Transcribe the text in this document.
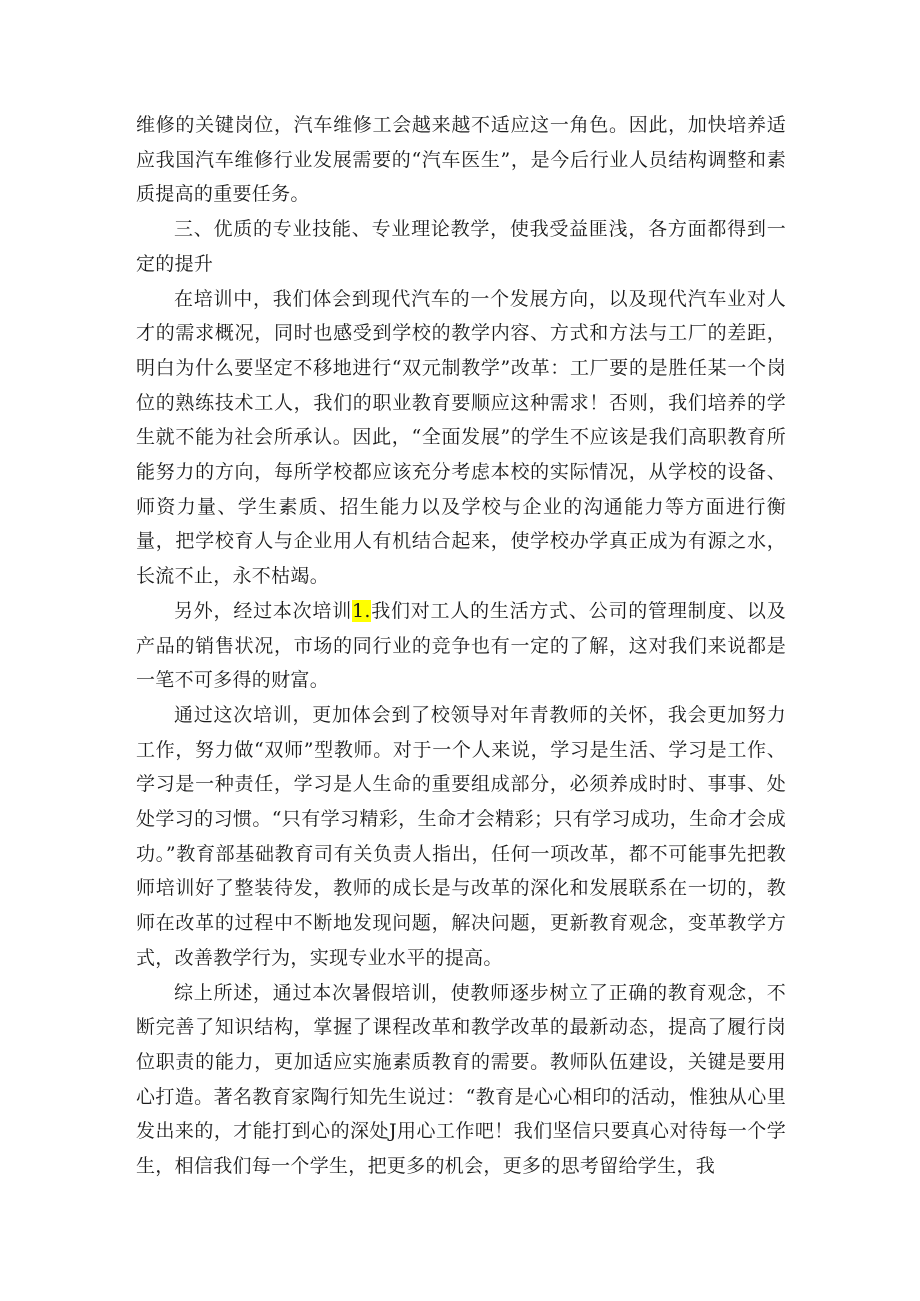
维修的关键岗位，汽车维修工会越来越不适应这一角色。因此，加快培养适应我国汽车维修行业发展需要的“汽车医生”，是今后行业人员结构调整和素质提高的重要任务。

三、优质的专业技能、专业理论教学，使我受益匪浅，各方面都得到一定的提升

在培训中，我们体会到现代汽车的一个发展方向，以及现代汽车业对人才的需求概况，同时也感受到学校的教学内容、方式和方法与工厂的差距，明白为什么要坚定不移地进行“双元制教学”改革：工厂要的是胜任某一个岗位的熟练技术工人，我们的职业教育要顺应这种需求！否则，我们培养的学生就不能为社会所承认。因此，“全面发展”的学生不应该是我们高职教育所能努力的方向，每所学校都应该充分考虑本校的实际情况，从学校的设备、师资力量、学生素质、招生能力以及学校与企业的沟通能力等方面进行衡量，把学校育人与企业用人有机结合起来，使学校办学真正成为有源之水，长流不止，永不枯竭。

另外，经过本次培训1.我们对工人的生活方式、公司的管理制度、以及产品的销售状况，市场的同行业的竞争也有一定的了解，这对我们来说都是一笔不可多得的财富。

通过这次培训，更加体会到了校领导对年青教师的关怀，我会更加努力工作，努力做“双师”型教师。对于一个人来说，学习是生活、学习是工作、学习是一种责任，学习是人生命的重要组成部分，必须养成时时、事事、处处学习的习惯。“只有学习精彩，生命才会精彩；只有学习成功，生命才会成功。”教育部基础教育司有关负责人指出，任何一项改革，都不可能事先把教师培训好了整装待发，教师的成长是与改革的深化和发展联系在一切的，教师在改革的过程中不断地发现问题，解决问题，更新教育观念，变革教学方式，改善教学行为，实现专业水平的提高。

综上所述，通过本次暑假培训，使教师逐步树立了正确的教育观念，不断完善了知识结构，掌握了课程改革和教学改革的最新动态，提高了履行岗位职责的能力，更加适应实施素质教育的需要。教师队伍建设，关键是要用心打造。著名教育家陶行知先生说过：“教育是心心相印的活动，惟独从心里发出来的，才能打到心的深处J用心工作吧！我们坚信只要真心对待每一个学生，相信我们每一个学生，把更多的机会，更多的思考留给学生，我
